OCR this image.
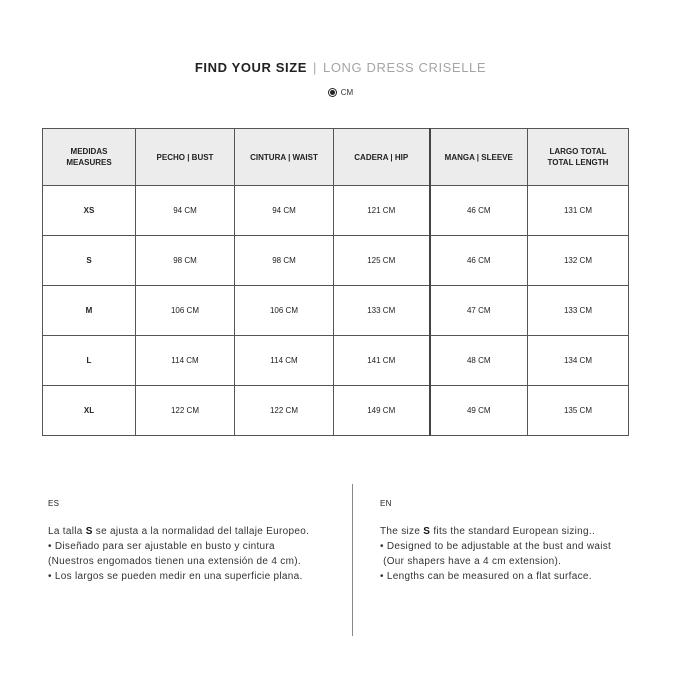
FIND YOUR SIZE | LONG DRESS CRISELLE
CM
MEDIDAS
MEASURES	PECHO | BUST	CINTURA | WAIST	CADERA | HIP	MANGA | SLEEVE	LARGO TOTAL
TOTAL LENGTH

XS	94 CM	94 CM	121 CM	46 CM	131 CM
S	98 CM	98 CM	125 CM	46 CM	132 CM
M	106 CM	106 CM	133 CM	47 CM	133 CM
L	114 CM	114 CM	141 CM	48 CM	134 CM
XL	122 CM	122 CM	149 CM	49 CM	135 CM
ES
La talla S se ajusta a la normalidad del tallaje Europeo.
• Diseñado para ser ajustable en busto y cintura
(Nuestros engomados tienen una extensión de 4 cm).
• Los largos se pueden medir en una superficie plana.
EN
The size S fits the standard European sizing..
• Designed to be adjustable at the bust and waist
(Our shapers have a 4 cm extension).
• Lengths can be measured on a flat surface.
